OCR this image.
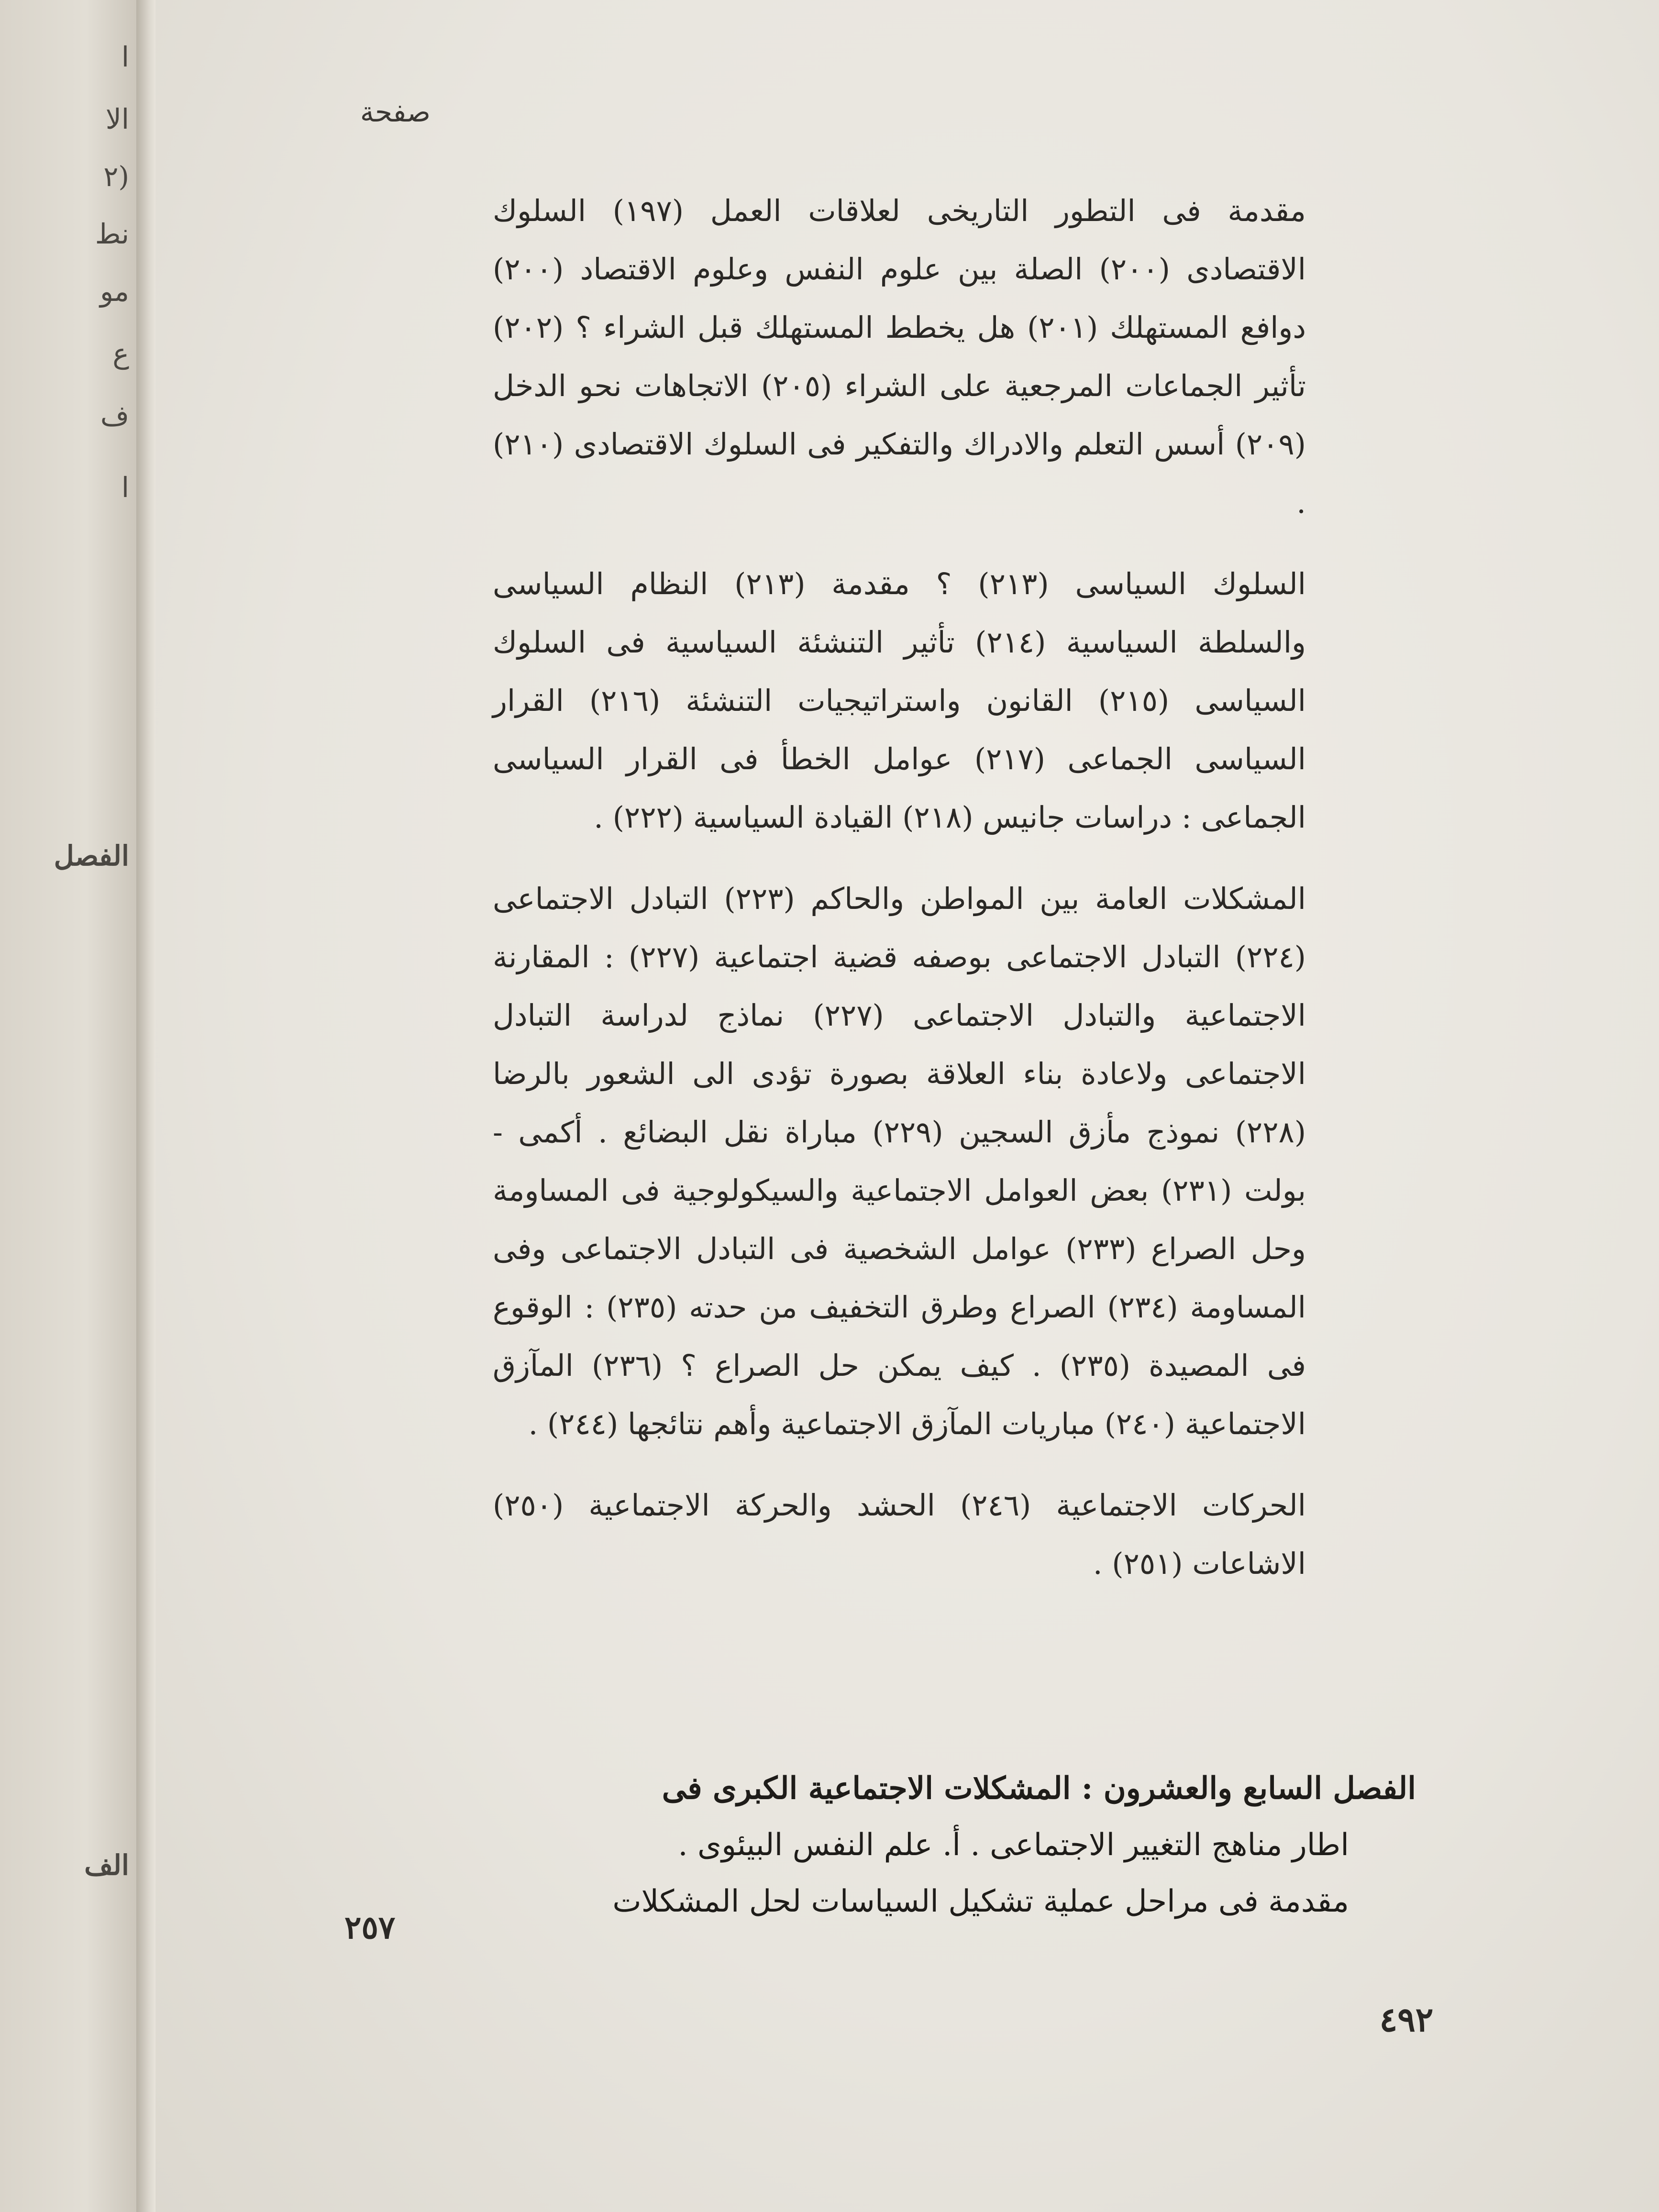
ا
الا
(٢
نط
مو
ع
ف
ا
الفصل
الف
صفحة

مقدمة فى التطور التاريخى لعلاقات العمل (١٩٧) السلوك الاقتصادى (٢٠٠) الصلة بين علوم النفس وعلوم الاقتصاد (٢٠٠) دوافع المستهلك (٢٠١) هل يخطط المستهلك قبل الشراء ؟ (٢٠٢) تأثير الجماعات المرجعية على الشراء (٢٠٥) الاتجاهات نحو الدخل (٢٠٩) أسس التعلم والادراك والتفكير فى السلوك الاقتصادى (٢١٠) .

السلوك السياسى (٢١٣) ؟ مقدمة (٢١٣) النظام السياسى والسلطة السياسية (٢١٤) تأثير التنشئة السياسية فى السلوك السياسى (٢١٥) القانون واستراتيجيات التنشئة (٢١٦) القرار السياسى الجماعى (٢١٧) عوامل الخطأ فى القرار السياسى الجماعى : دراسات جانيس (٢١٨) القيادة السياسية (٢٢٢) .

المشكلات العامة بين المواطن والحاكم (٢٢٣) التبادل الاجتماعى (٢٢٤) التبادل الاجتماعى بوصفه قضية اجتماعية (٢٢٧) : المقارنة الاجتماعية والتبادل الاجتماعى (٢٢٧) نماذج لدراسة التبادل الاجتماعى ولاعادة بناء العلاقة بصورة تؤدى الى الشعور بالرضا (٢٢٨) نموذج مأزق السجين (٢٢٩) مباراة نقل البضائع . أكمى - بولت (٢٣١) بعض العوامل الاجتماعية والسيكولوجية فى المساومة وحل الصراع (٢٣٣) عوامل الشخصية فى التبادل الاجتماعى وفى المساومة (٢٣٤) الصراع وطرق التخفيف من حدته (٢٣٥) : الوقوع فى المصيدة (٢٣٥) . كيف يمكن حل الصراع ؟ (٢٣٦) المآزق الاجتماعية (٢٤٠) مباريات المآزق الاجتماعية وأهم نتائجها (٢٤٤) .

الحركات الاجتماعية (٢٤٦) الحشد والحركة الاجتماعية (٢٥٠) الاشاعات (٢٥١) .

الفصل السابع والعشرون : المشكلات الاجتماعية الكبرى فى
اطار مناهج التغيير الاجتماعى . أ. علم النفس البيئوى .
مقدمة فى مراحل عملية تشكيل السياسات لحل المشكلات
٢٥٧
٤٩٢
